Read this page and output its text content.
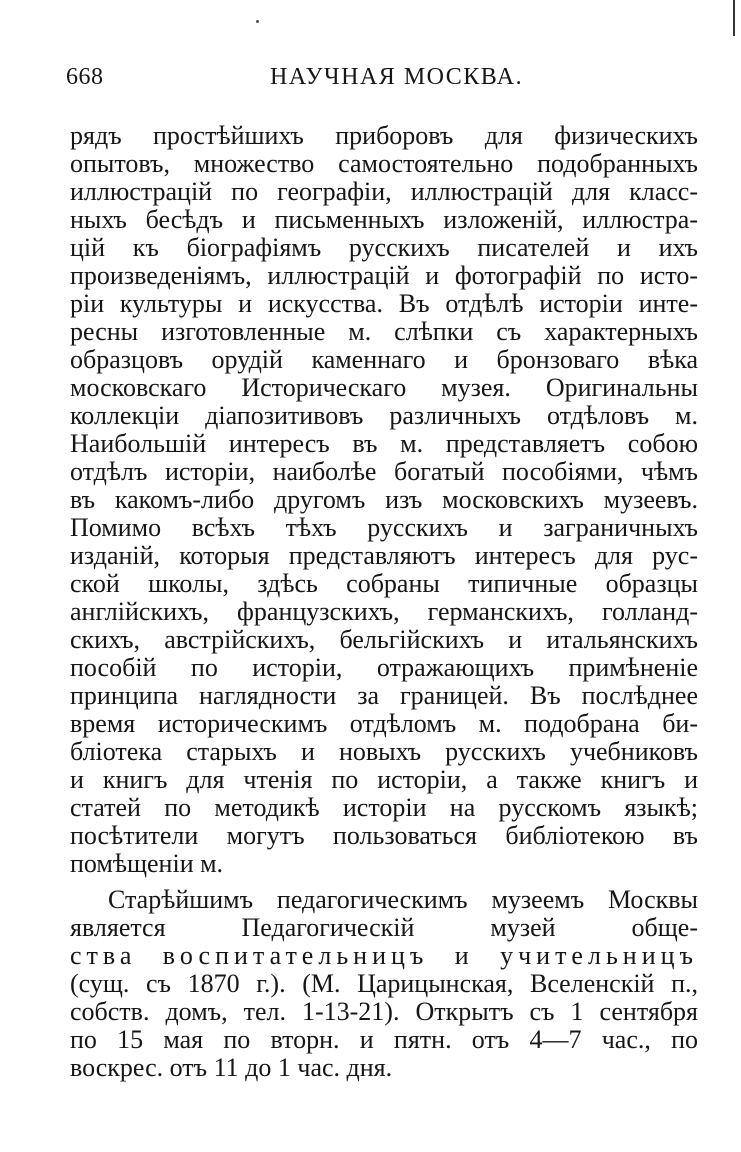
668	НАУЧНАЯ МОСКВА.
рядъ простѣйшихъ приборовъ для физическихъ
опытовъ, множество самостоятельно подобранныхъ
иллюстрацій по географіи, иллюстрацій для класс-
ныхъ бесѣдъ и письменныхъ изложеній, иллюстра-
цій къ біографіямъ русскихъ писателей и ихъ
произведеніямъ, иллюстрацій и фотографій по исто-
ріи культуры и искусства. Въ отдѣлѣ исторіи инте-
ресны изготовленные м. слѣпки съ характерныхъ
образцовъ орудій каменнаго и бронзоваго вѣка
московскаго Историческаго музея. Оригинальны
коллекціи діапозитивовъ различныхъ отдѣловъ м.
Наибольшій интересъ въ м. представляетъ собою
отдѣлъ исторіи, наиболѣе богатый пособіями, чѣмъ
въ какомъ-либо другомъ изъ московскихъ музеевъ.
Помимо всѣхъ тѣхъ русскихъ и заграничныхъ
изданій, которыя представляютъ интересъ для рус-
ской школы, здѣсь собраны типичные образцы
англійскихъ, французскихъ, германскихъ, голланд-
скихъ, австрійскихъ, бельгійскихъ и итальянскихъ
пособій по исторіи, отражающихъ примѣненіе
принципа наглядности за границей. Въ послѣднее
время историческимъ отдѣломъ м. подобрана би-
бліотека старыхъ и новыхъ русскихъ учебниковъ
и книгъ для чтенія по исторіи, а также книгъ и
статей по методикѣ исторіи на русскомъ языкѣ;
посѣтители могутъ пользоваться библіотекою въ
помѣщеніи м.
Старѣйшимъ педагогическимъ музеемъ Москвы
является Педагогическій музей обще-
ства воспитательницъ и учительницъ
(сущ. съ 1870 г.). (М. Царицынская, Вселенскій п.,
собств. домъ, тел. 1-13-21). Открытъ съ 1 сентября
по 15 мая по вторн. и пятн. отъ 4—7 час., по
воскрес. отъ 11 до 1 час. дня.
